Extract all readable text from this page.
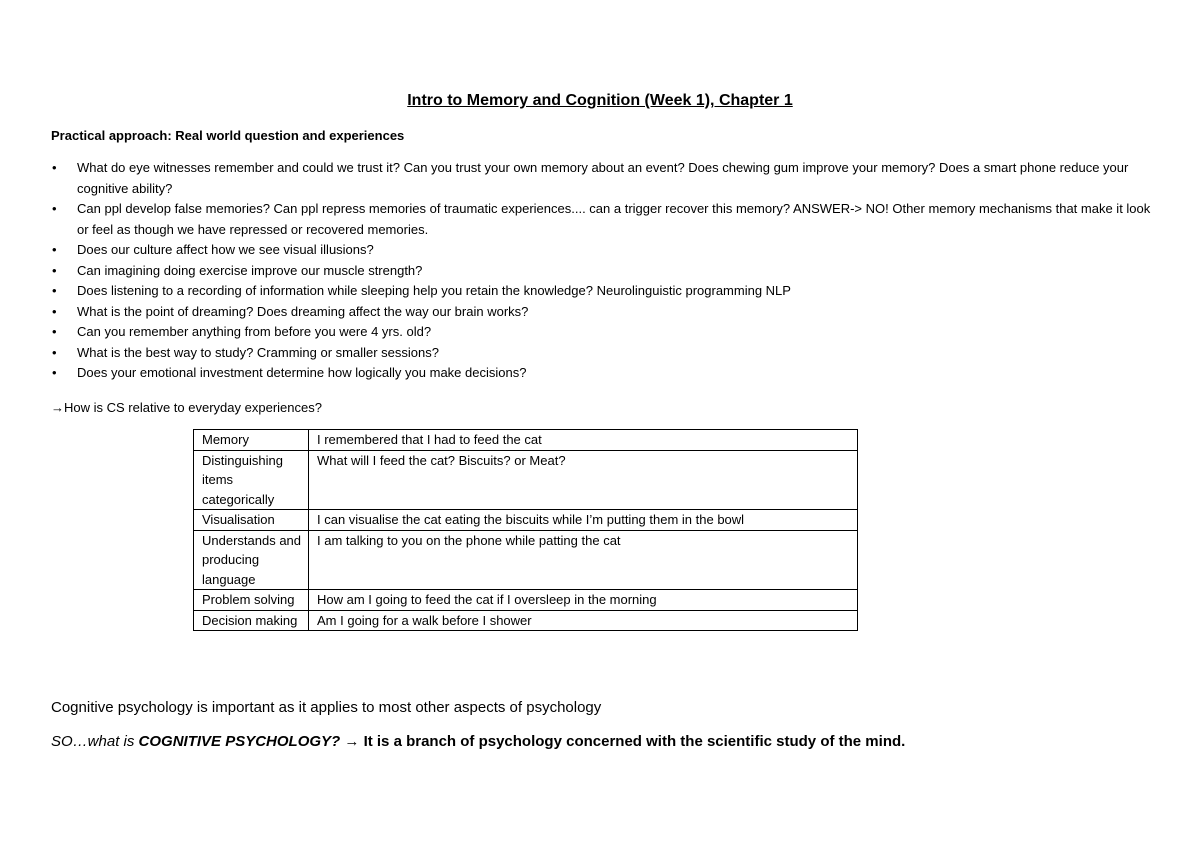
Intro to Memory and Cognition (Week 1), Chapter 1
Practical approach: Real world question and experiences
• What do eye witnesses remember and could we trust it? Can you trust your own memory about an event? Does chewing gum improve your memory? Does a smart phone reduce your cognitive ability?
• Can ppl develop false memories? Can ppl repress memories of traumatic experiences.... can a trigger recover this memory? ANSWER-> NO! Other memory mechanisms that make it look or feel as though we have repressed or recovered memories.
• Does our culture affect how we see visual illusions?
• Can imagining doing exercise improve our muscle strength?
• Does listening to a recording of information while sleeping help you retain the knowledge? Neurolinguistic programming NLP
• What is the point of dreaming? Does dreaming affect the way our brain works?
• Can you remember anything from before you were 4 yrs. old?
• What is the best way to study? Cramming or smaller sessions?
• Does your emotional investment determine how logically you make decisions?
→How is CS relative to everyday experiences?
Memory	I remembered that I had to feed the cat
Distinguishing items categorically	What will I feed the cat? Biscuits? or Meat?
Visualisation	I can visualise the cat eating the biscuits while I’m putting them in the bowl
Understands and producing language	I am talking to you on the phone while patting the cat
Problem solving	How am I going to feed the cat if I oversleep in the morning
Decision making	Am I going for a walk before I shower
Cognitive psychology is important as it applies to most other aspects of psychology
SO…what is COGNITIVE PSYCHOLOGY? → It is a branch of psychology concerned with the scientific study of the mind.
